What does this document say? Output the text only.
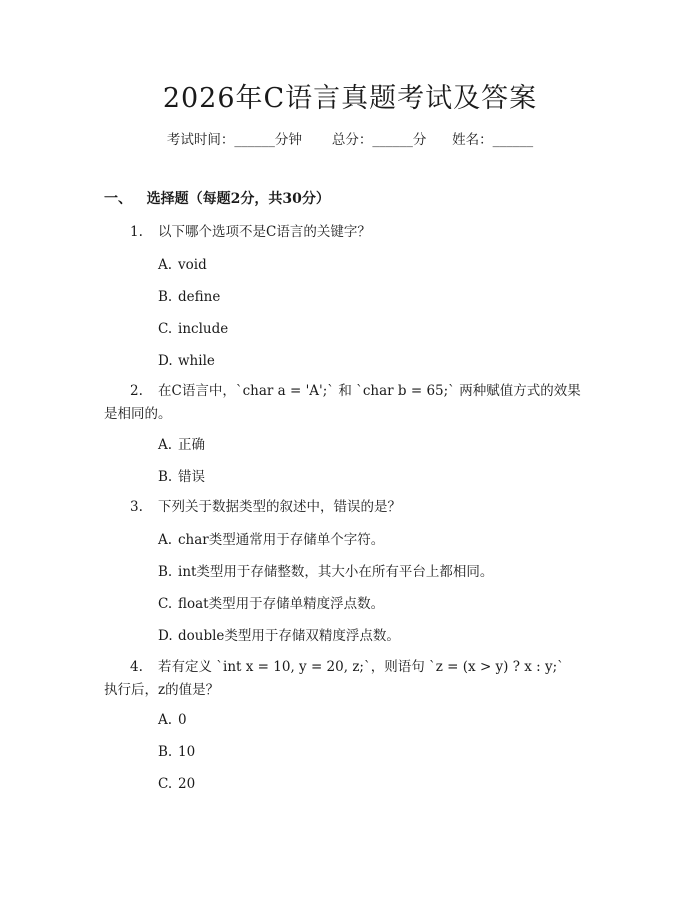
2026年C语言真题考试及答案
考试时间：______分钟 总分：______分 姓名：______
一、 选择题（每题2分，共30分）
1. 以下哪个选项不是C语言的关键字？
A. void
B. define
C. include
D. while
2. 在C语言中，`char a = 'A';` 和 `char b = 65;` 两种赋值方式的效果
是相同的。
A. 正确
B. 错误
3. 下列关于数据类型的叙述中，错误的是？
A. char类型通常用于存储单个字符。
B. int类型用于存储整数，其大小在所有平台上都相同。
C. float类型用于存储单精度浮点数。
D. double类型用于存储双精度浮点数。
4. 若有定义 `int x = 10, y = 20, z;`，则语句 `z = (x > y) ? x : y;`
执行后，z的值是？
A. 0
B. 10
C. 20
